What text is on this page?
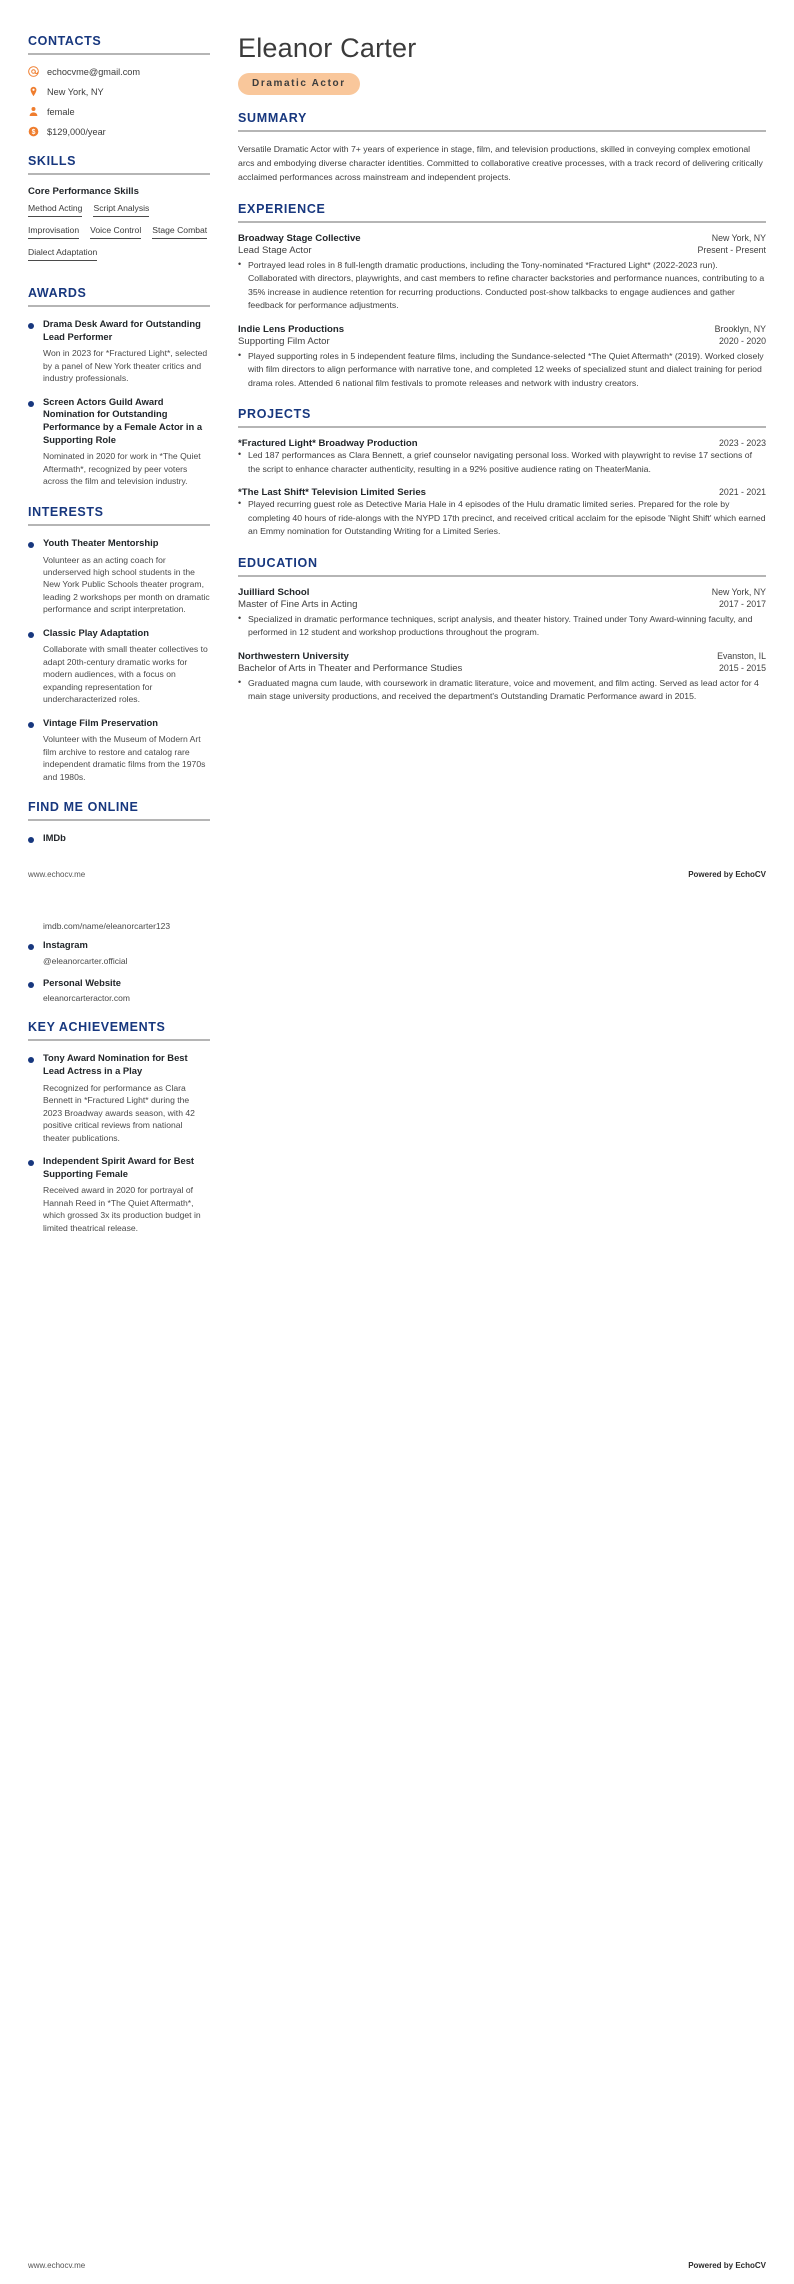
CONTACTS
echocvme@gmail.com
New York, NY
female
$ $129,000/year
SKILLS
Core Performance Skills
Method Acting Script Analysis
Improvisation Voice Control Stage Combat
Dialect Adaptation
AWARDS
Drama Desk Award for Outstanding Lead Performer
Won in 2023 for *Fractured Light*, selected by a panel of New York theater critics and industry professionals.
Screen Actors Guild Award Nomination for Outstanding Performance by a Female Actor in a Supporting Role
Nominated in 2020 for work in *The Quiet Aftermath*, recognized by peer voters across the film and television industry.
INTERESTS
Youth Theater Mentorship
Volunteer as an acting coach for underserved high school students in the New York Public Schools theater program, leading 2 workshops per month on dramatic performance and script interpretation.
Classic Play Adaptation
Collaborate with small theater collectives to adapt 20th-century dramatic works for modern audiences, with a focus on expanding representation for undercharacterized roles.
Vintage Film Preservation
Volunteer with the Museum of Modern Art film archive to restore and catalog rare independent dramatic films from the 1970s and 1980s.
FIND ME ONLINE
IMDb
Eleanor Carter
Dramatic Actor
SUMMARY
Versatile Dramatic Actor with 7+ years of experience in stage, film, and television productions, skilled in conveying complex emotional arcs and embodying diverse character identities. Committed to collaborative creative processes, with a track record of delivering critically acclaimed performances across mainstream and independent projects.
EXPERIENCE
Broadway Stage Collective	New York, NY
Lead Stage Actor	Present - Present
• Portrayed lead roles in 8 full-length dramatic productions, including the Tony-nominated *Fractured Light* (2022-2023 run). Collaborated with directors, playwrights, and cast members to refine character backstories and performance nuances, contributing to a 35% increase in audience retention for recurring productions. Conducted post-show talkbacks to engage audiences and gather feedback for performance adjustments.
Indie Lens Productions	Brooklyn, NY
Supporting Film Actor	2020 - 2020
• Played supporting roles in 5 independent feature films, including the Sundance-selected *The Quiet Aftermath* (2019). Worked closely with film directors to align performance with narrative tone, and completed 12 weeks of specialized stunt and dialect training for period drama roles. Attended 6 national film festivals to promote releases and network with industry creators.
PROJECTS
*Fractured Light* Broadway Production	2023 - 2023
• Led 187 performances as Clara Bennett, a grief counselor navigating personal loss. Worked with playwright to revise 17 sections of the script to enhance character authenticity, resulting in a 92% positive audience rating on TheaterMania.
*The Last Shift* Television Limited Series	2021 - 2021
• Played recurring guest role as Detective Maria Hale in 4 episodes of the Hulu dramatic limited series. Prepared for the role by completing 40 hours of ride-alongs with the NYPD 17th precinct, and received critical acclaim for the episode 'Night Shift' which earned an Emmy nomination for Outstanding Writing for a Limited Series.
EDUCATION
Juilliard School	New York, NY
Master of Fine Arts in Acting	2017 - 2017
• Specialized in dramatic performance techniques, script analysis, and theater history. Trained under Tony Award-winning faculty, and performed in 12 student and workshop productions throughout the program.
Northwestern University	Evanston, IL
Bachelor of Arts in Theater and Performance Studies	2015 - 2015
• Graduated magna cum laude, with coursework in dramatic literature, voice and movement, and film acting. Served as lead actor for 4 main stage university productions, and received the department's Outstanding Dramatic Performance award in 2015.
www.echocv.me	Powered by EchoCV
imdb.com/name/eleanorcarter123
Instagram
@eleanorcarter.official
Personal Website
eleanorcarteractor.com
KEY ACHIEVEMENTS
Tony Award Nomination for Best Lead Actress in a Play
Recognized for performance as Clara Bennett in *Fractured Light* during the 2023 Broadway awards season, with 42 positive critical reviews from national theater publications.
Independent Spirit Award for Best Supporting Female
Received award in 2020 for portrayal of Hannah Reed in *The Quiet Aftermath*, which grossed 3x its production budget in limited theatrical release.
www.echocv.me	Powered by EchoCV
